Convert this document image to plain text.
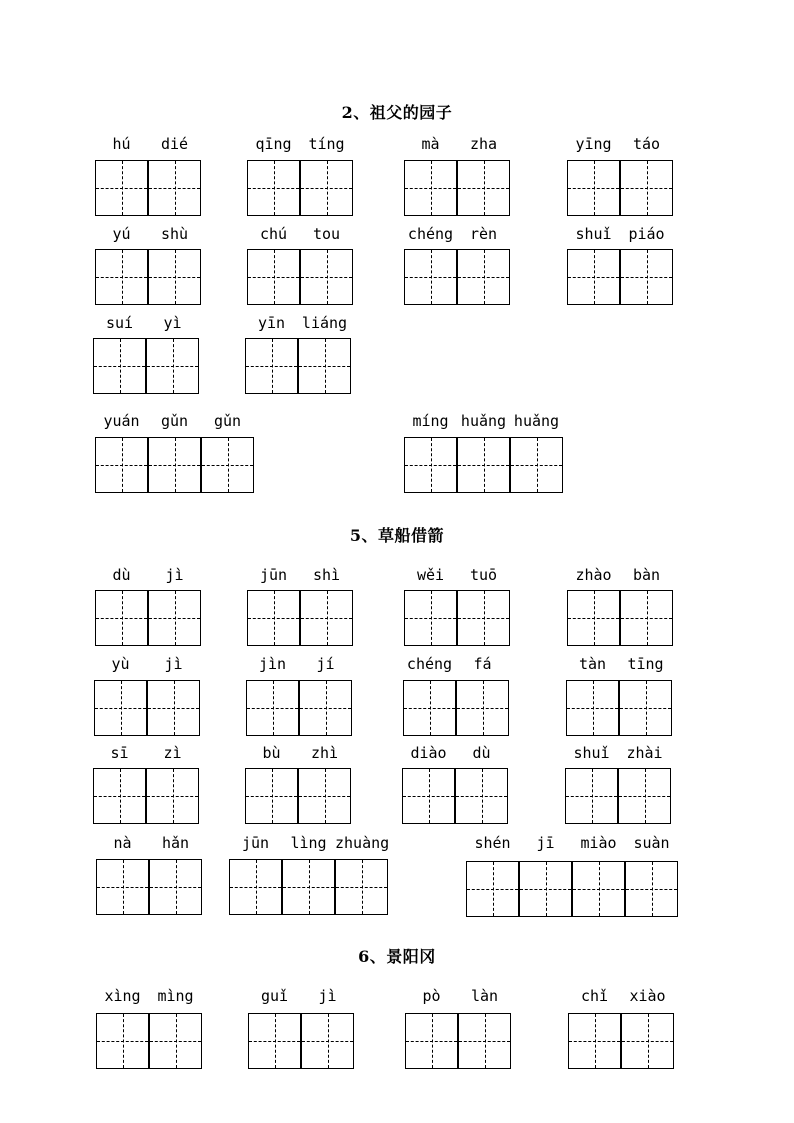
2、祖父的园子
5、草船借箭
6、景阳冈
hú	dié	qīng	tíng	mà	zha	yīng	táo
yú	shù	chú	tou	chéng	rèn	shuǐ	piáo
suí	yì	yīn	liáng
yuán	gǔn	gǔn	míng huǎng huǎng
dù	jì	jūn	shì	wěi	tuō	zhào	bàn
yù	jì	jìn	jí	chéng	fá	tàn	tīng
sī	zì	bù	zhì	diào	dù	shuǐ	zhài
nà	hǎn	jūn	lìng zhuàng	shén	jī	miào	suàn
xìng	mìng	guǐ	jì	pò	làn	chǐ	xiào
